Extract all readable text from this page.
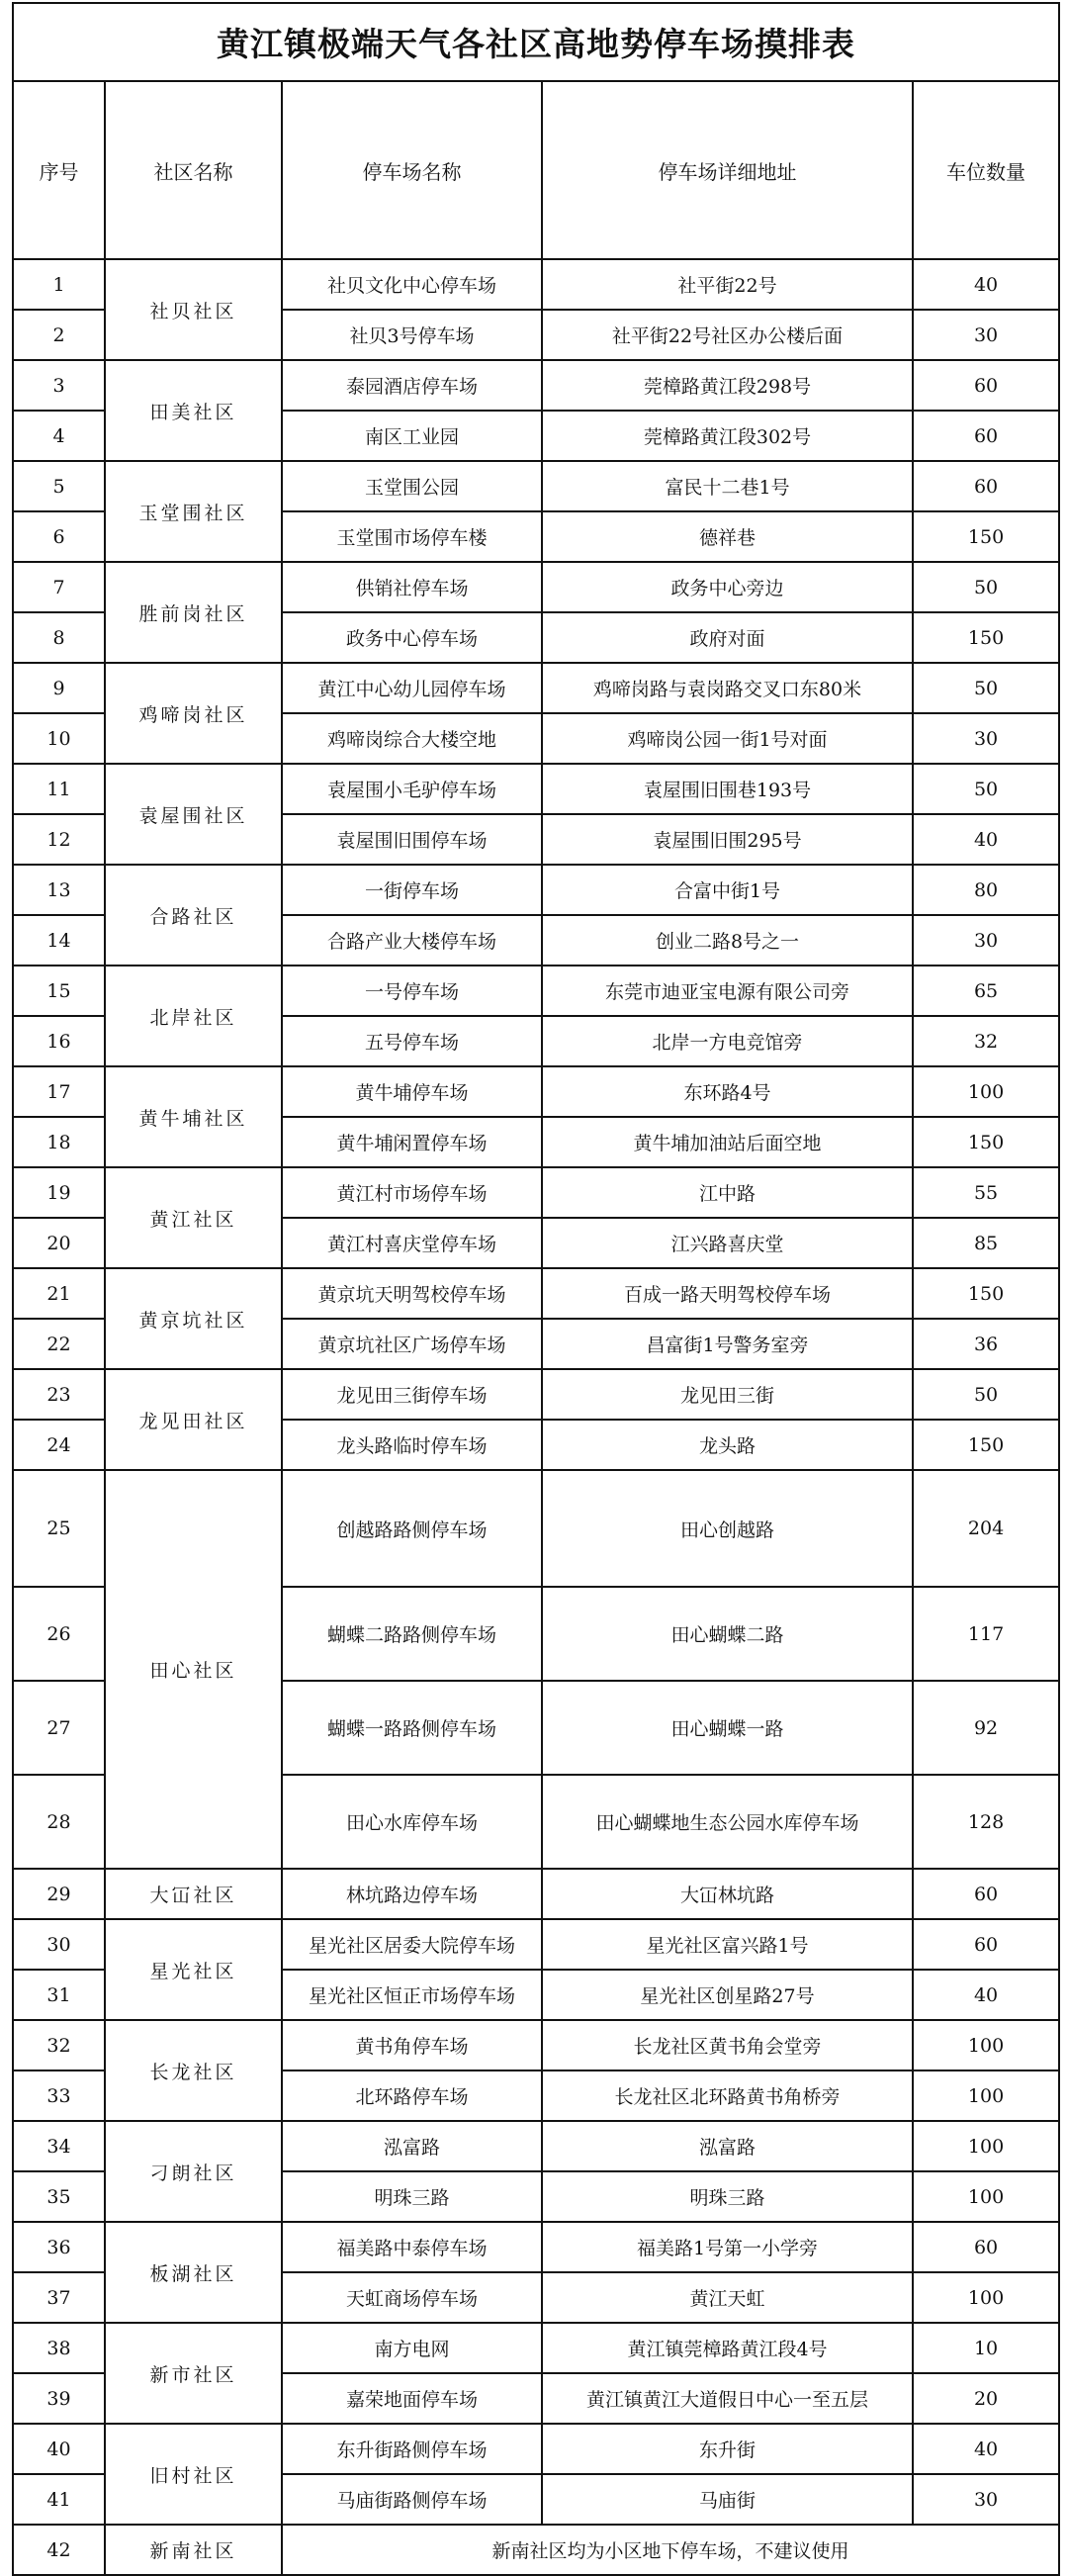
黄江镇极端天气各社区高地势停车场摸排表				
序号	社区名称	停车场名称	停车场详细地址	车位数量
1	社贝社区	社贝文化中心停车场	社平街22号	40
2		社贝3号停车场	社平街22号社区办公楼后面	30
3	田美社区	泰园酒店停车场	莞樟路黄江段298号	60
4		南区工业园	莞樟路黄江段302号	60
5	玉堂围社区	玉堂围公园	富民十二巷1号	60
6		玉堂围市场停车楼	德祥巷	150
7	胜前岗社区	供销社停车场	政务中心旁边	50
8		政务中心停车场	政府对面	150
9	鸡啼岗社区	黄江中心幼儿园停车场	鸡啼岗路与袁岗路交叉口东80米	50
10		鸡啼岗综合大楼空地	鸡啼岗公园一街1号对面	30
11	袁屋围社区	袁屋围小毛驴停车场	袁屋围旧围巷193号	50
12		袁屋围旧围停车场	袁屋围旧围295号	40
13	合路社区	一街停车场	合富中街1号	80
14		合路产业大楼停车场	创业二路8号之一	30
15	北岸社区	一号停车场	东莞市迪亚宝电源有限公司旁	65
16		五号停车场	北岸一方电竞馆旁	32
17	黄牛埔社区	黄牛埔停车场	东环路4号	100
18		黄牛埔闲置停车场	黄牛埔加油站后面空地	150
19	黄江社区	黄江村市场停车场	江中路	55
20		黄江村喜庆堂停车场	江兴路喜庆堂	85
21	黄京坑社区	黄京坑天明驾校停车场	百成一路天明驾校停车场	150
22		黄京坑社区广场停车场	昌富街1号警务室旁	36
23	龙见田社区	龙见田三街停车场	龙见田三街	50
24		龙头路临时停车场	龙头路	150
25	田心社区	创越路路侧停车场	田心创越路	204
26		蝴蝶二路路侧停车场	田心蝴蝶二路	117
27		蝴蝶一路路侧停车场	田心蝴蝶一路	92
28		田心水库停车场	田心蝴蝶地生态公园水库停车场	128
29	大冚社区	林坑路边停车场	大冚林坑路	60
30	星光社区	星光社区居委大院停车场	星光社区富兴路1号	60
31		星光社区恒正市场停车场	星光社区创星路27号	40
32	长龙社区	黄书角停车场	长龙社区黄书角会堂旁	100
33		北环路停车场	长龙社区北环路黄书角桥旁	100
34	刁朗社区	泓富路	泓富路	100
35		明珠三路	明珠三路	100
36	板湖社区	福美路中泰停车场	福美路1号第一小学旁	60
37		天虹商场停车场	黄江天虹	100
38	新市社区	南方电网	黄江镇莞樟路黄江段4号	10
39		嘉荣地面停车场	黄江镇黄江大道假日中心一至五层	20
40	旧村社区	东升街路侧停车场	东升街	40
41		马庙街路侧停车场	马庙街	30
42	新南社区	新南社区均为小区地下停车场，不建议使用		
